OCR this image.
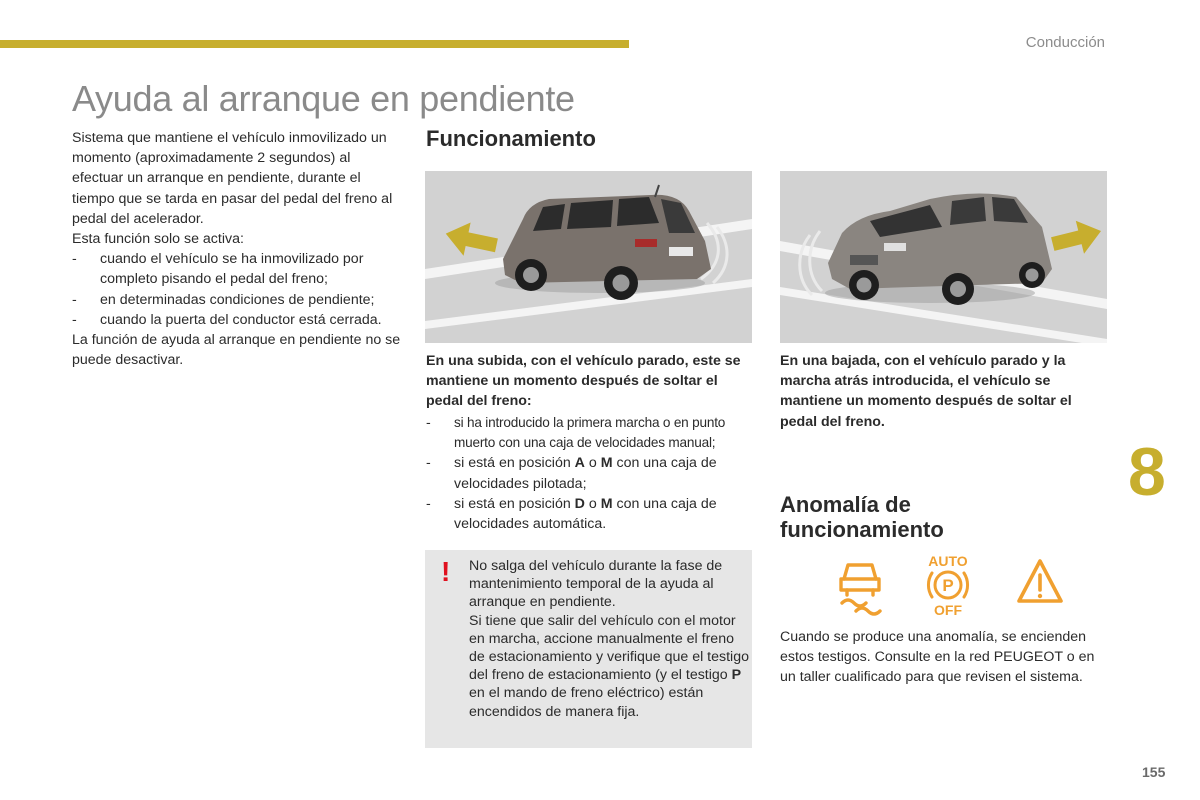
Conducción
Ayuda al arranque en pendiente

Sistema que mantiene el vehículo inmovilizado un momento (aproximadamente 2 segundos) al efectuar un arranque en pendiente, durante el tiempo que se tarda en pasar del pedal del freno al pedal del acelerador.

Esta función solo se activa:

- cuando el vehículo se ha inmovilizado por completo pisando el pedal del freno;
- en determinadas condiciones de pendiente;
- cuando la puerta del conductor está cerrada.

La función de ayuda al arranque en pendiente no se puede desactivar.

Funcionamiento
En una subida, con el vehículo parado, este se mantiene un momento después de soltar el pedal del freno:
En una bajada, con el vehículo parado y la marcha atrás introducida, el vehículo se mantiene un momento después de soltar el pedal del freno.
- si ha introducido la primera marcha o en punto muerto con una caja de velocidades manual;
- si está en posición A o M con una caja de velocidades pilotada;
- si está en posición D o M con una caja de velocidades automática.
! No salga del vehículo durante la fase de mantenimiento temporal de la ayuda al arranque en pendiente.

Si tiene que salir del vehículo con el motor en marcha, accione manualmente el freno de estacionamiento y verifique que el testigo del freno de estacionamiento (y el testigo P en el mando de freno eléctrico) están encendidos de manera fija.

8
Anomalía de
funcionamiento
AUTO
P
OFF
Cuando se produce una anomalía, se encienden estos testigos. Consulte en la red PEUGEOT o en un taller cualificado para que revisen el sistema.
155
